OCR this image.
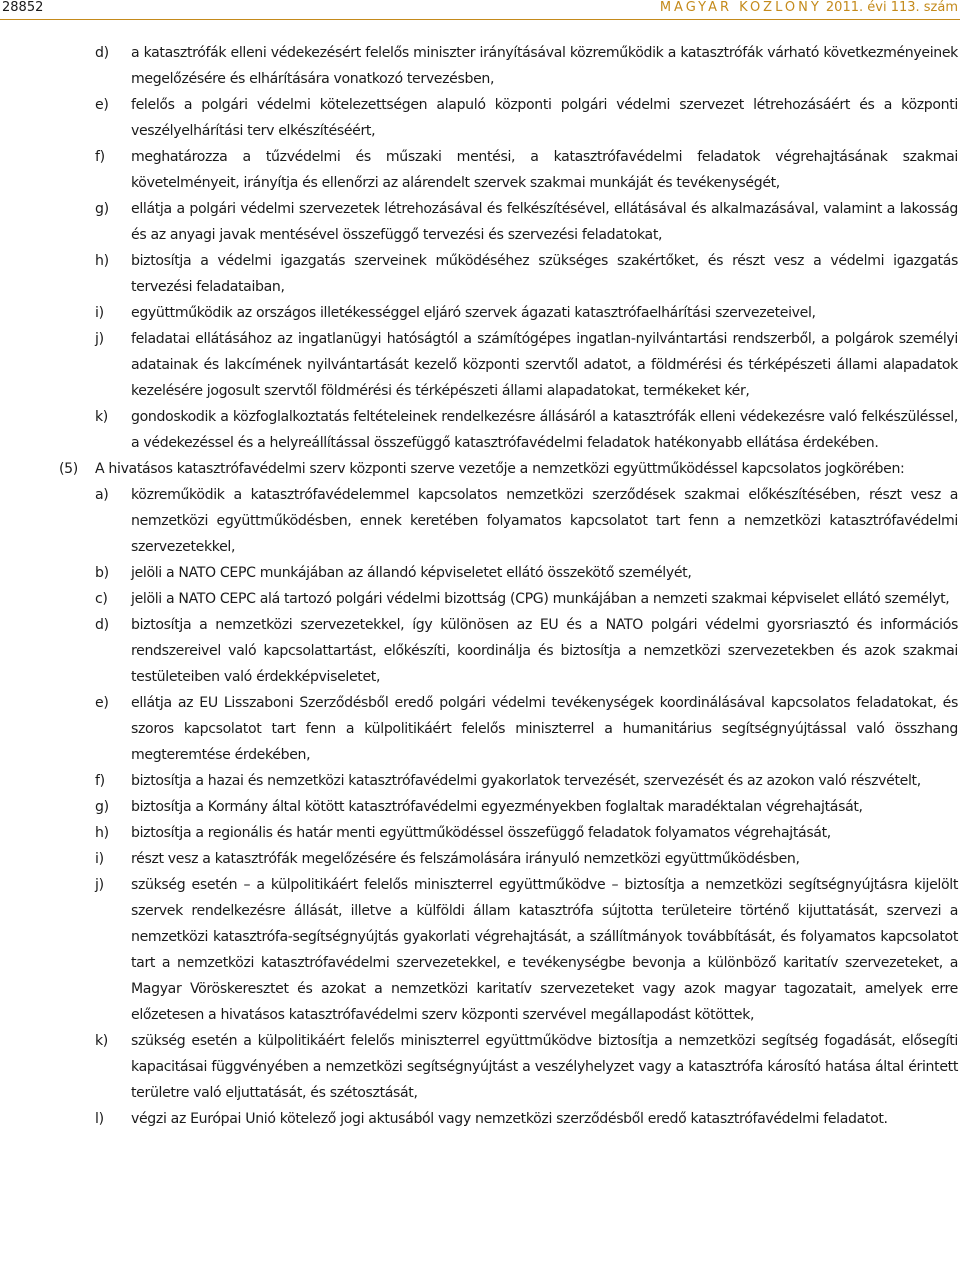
28852	MAGYAR KÖZLÖNY 2011. évi 113. szám
d)	a katasztrófák elleni védekezésért felelős miniszter irányításával közreműködik a katasztrófák várható következményeinek megelőzésére és elhárítására vonatkozó tervezésben,
e)	felelős a polgári védelmi kötelezettségen alapuló központi polgári védelmi szervezet létrehozásáért és a központi veszélyelhárítási terv elkészítéséért,
f)	meghatározza a tűzvédelmi és műszaki mentési, a katasztrófavédelmi feladatok végrehajtásának szakmai követelményeit, irányítja és ellenőrzi az alárendelt szervek szakmai munkáját és tevékenységét,
g)	ellátja a polgári védelmi szervezetek létrehozásával és felkészítésével, ellátásával és alkalmazásával, valamint a lakosság és az anyagi javak mentésével összefüggő tervezési és szervezési feladatokat,
h)	biztosítja a védelmi igazgatás szerveinek működéséhez szükséges szakértőket, és részt vesz a védelmi igazgatás tervezési feladataiban,
i)	együttműködik az országos illetékességgel eljáró szervek ágazati katasztrófaelhárítási szervezeteivel,
j)	feladatai ellátásához az ingatlanügyi hatóságtól a számítógépes ingatlan-nyilvántartási rendszerből, a polgárok személyi adatainak és lakcímének nyilvántartását kezelő központi szervtől adatot, a földmérési és térképészeti állami alapadatok kezelésére jogosult szervtől földmérési és térképészeti állami alapadatokat, termékeket kér,
k)	gondoskodik a közfoglalkoztatás feltételeinek rendelkezésre állásáról a katasztrófák elleni védekezésre való felkészüléssel, a védekezéssel és a helyreállítással összefüggő katasztrófavédelmi feladatok hatékonyabb ellátása érdekében.
(5)	A hivatásos katasztrófavédelmi szerv központi szerve vezetője a nemzetközi együttműködéssel kapcsolatos jogkörében:
a)	közreműködik a katasztrófavédelemmel kapcsolatos nemzetközi szerződések szakmai előkészítésében, részt vesz a nemzetközi együttműködésben, ennek keretében folyamatos kapcsolatot tart fenn a nemzetközi katasztrófavédelmi szervezetekkel,
b)	jelöli a NATO CEPC munkájában az állandó képviseletet ellátó összekötő személyét,
c)	jelöli a NATO CEPC alá tartozó polgári védelmi bizottság (CPG) munkájában a nemzeti szakmai képviselet ellátó személyt,
d)	biztosítja a nemzetközi szervezetekkel, így különösen az EU és a NATO polgári védelmi gyorsriasztó és információs rendszereivel való kapcsolattartást, előkészíti, koordinálja és biztosítja a nemzetközi szervezetekben és azok szakmai testületeiben való érdekképviseletet,
e)	ellátja az EU Lisszaboni Szerződésből eredő polgári védelmi tevékenységek koordinálásával kapcsolatos feladatokat, és szoros kapcsolatot tart fenn a külpolitikáért felelős miniszterrel a humanitárius segítségnyújtással való összhang megteremtése érdekében,
f)	biztosítja a hazai és nemzetközi katasztrófavédelmi gyakorlatok tervezését, szervezését és az azokon való részvételt,
g)	biztosítja a Kormány által kötött katasztrófavédelmi egyezményekben foglaltak maradéktalan végrehajtását,
h)	biztosítja a regionális és határ menti együttműködéssel összefüggő feladatok folyamatos végrehajtását,
i)	részt vesz a katasztrófák megelőzésére és felszámolására irányuló nemzetközi együttműködésben,
j)	szükség esetén – a külpolitikáért felelős miniszterrel együttműködve – biztosítja a nemzetközi segítségnyújtásra kijelölt szervek rendelkezésre állását, illetve a külföldi állam katasztrófa sújtotta területeire történő kijuttatását, szervezi a nemzetközi katasztrófa-segítségnyújtás gyakorlati végrehajtását, a szállítmányok továbbítását, és folyamatos kapcsolatot tart a nemzetközi katasztrófavédelmi szervezetekkel, e tevékenységbe bevonja a különböző karitatív szervezeteket, a Magyar Vöröskeresztet és azokat a nemzetközi karitatív szervezeteket vagy azok magyar tagozatait, amelyek erre előzetesen a hivatásos katasztrófavédelmi szerv központi szervével megállapodást kötöttek,
k)	szükség esetén a külpolitikáért felelős miniszterrel együttműködve biztosítja a nemzetközi segítség fogadását, elősegíti kapacitásai függvényében a nemzetközi segítségnyújtást a veszélyhelyzet vagy a katasztrófa károsító hatása által érintett területre való eljuttatását, és szétosztását,
l)	végzi az Európai Unió kötelező jogi aktusából vagy nemzetközi szerződésből eredő katasztrófavédelmi feladatot.
